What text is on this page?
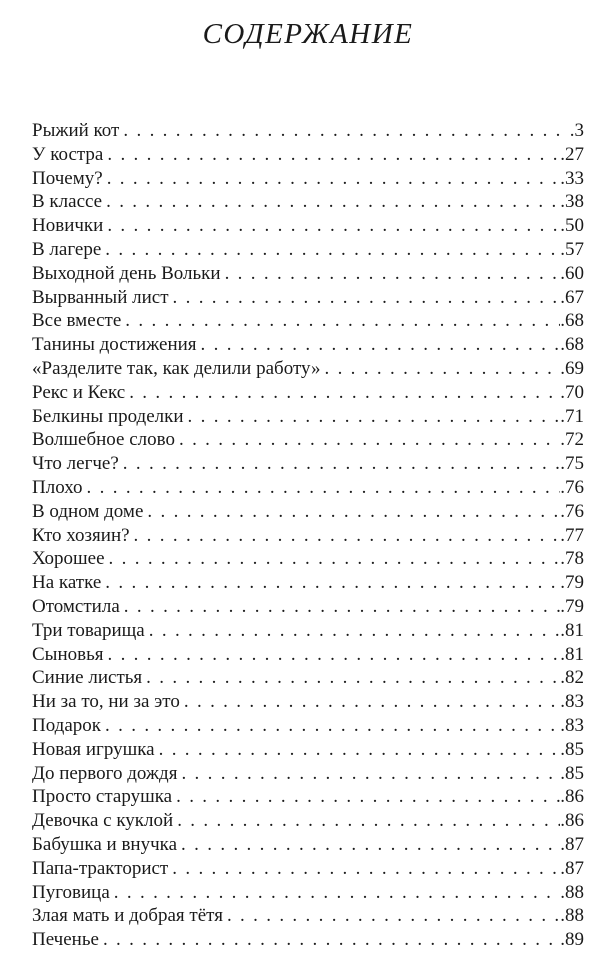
СОДЕРЖАНИЕ
Рыжий кот . . .	.3
У костра . . .	.27
Почему? . . .	.33
В классе . . .	.38
Новички . . .	.50
В лагере . . .	.57
Выходной день Вольки . . .	.60
Вырванный лист . . .	.67
Все вместе . . .	.68
Танины достижения . . .	.68
«Разделите так, как делили работу» . . .	.69
Рекс и Кекс . . .	.70
Белкины проделки . . .	.71
Волшебное слово . . .	.72
Что легче? . . .	.75
Плохо . . .	.76
В одном доме . . .	.76
Кто хозяин? . . .	.77
Хорошее . . .	.78
На катке . . .	.79
Отомстила . . .	.79
Три товарища . . .	.81
Сыновья . . .	.81
Синие листья . . .	.82
Ни за то, ни за это . . .	.83
Подарок . . .	.83
Новая игрушка . . .	.85
До первого дождя . . .	.85
Просто старушка . . .	.86
Девочка с куклой . . .	.86
Бабушка и внучка . . .	.87
Папа-тракторист . . .	.87
Пуговица . . .	.88
Злая мать и добрая тётя . . .	.88
Печенье . . .	.89
